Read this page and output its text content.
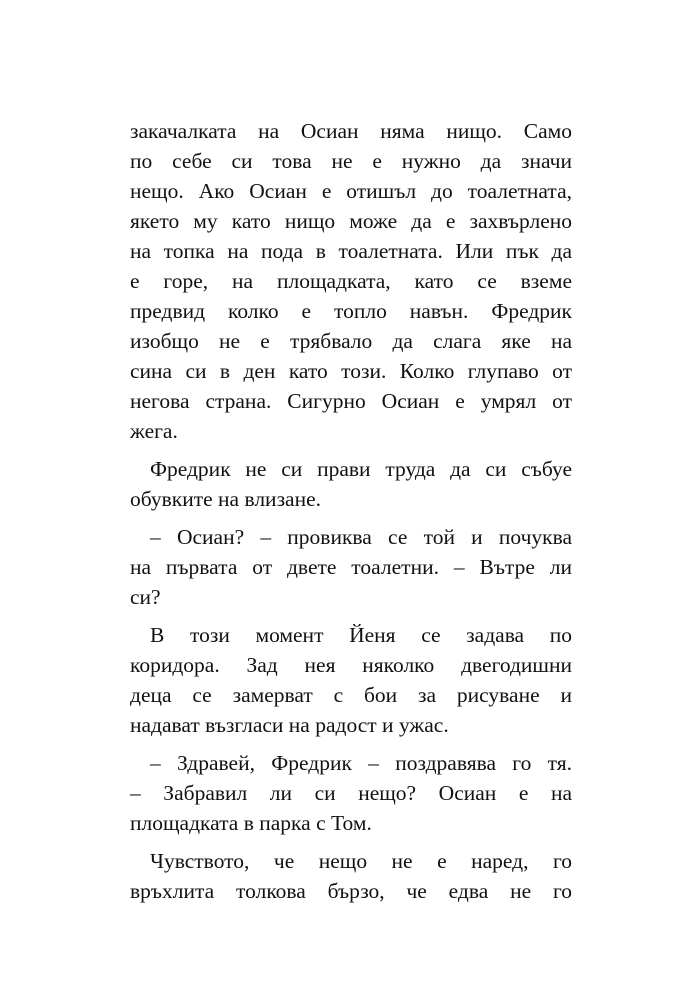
закачалката на Осиан няма нищо. Само
по себе си това не е нужно да значи
нещо. Ако Осиан е отишъл до тоалетната,
якето му като нищо може да е захвърлено
на топка на пода в тоалетната. Или пък да
е горе, на площадката, като се вземе
предвид колко е топло навън. Фредрик
изобщо не е трябвало да слага яке на
сина си в ден като този. Колко глупаво от
негова страна. Сигурно Осиан е умрял от
жега.
Фредрик не си прави труда да си събуе
обувките на влизане.
– Осиан? – провиква се той и почуква
на първата от двете тоалетни. – Вътре ли
си?
В този момент Йеня се задава по
коридора. Зад нея няколко двегодишни
деца се замерват с бои за рисуване и
надават възгласи на радост и ужас.
– Здравей, Фредрик – поздравява го тя.
– Забравил ли си нещо? Осиан е на
площадката в парка с Том.
Чувството, че нещо не е наред, го
връхлита толкова бързо, че едва не го
